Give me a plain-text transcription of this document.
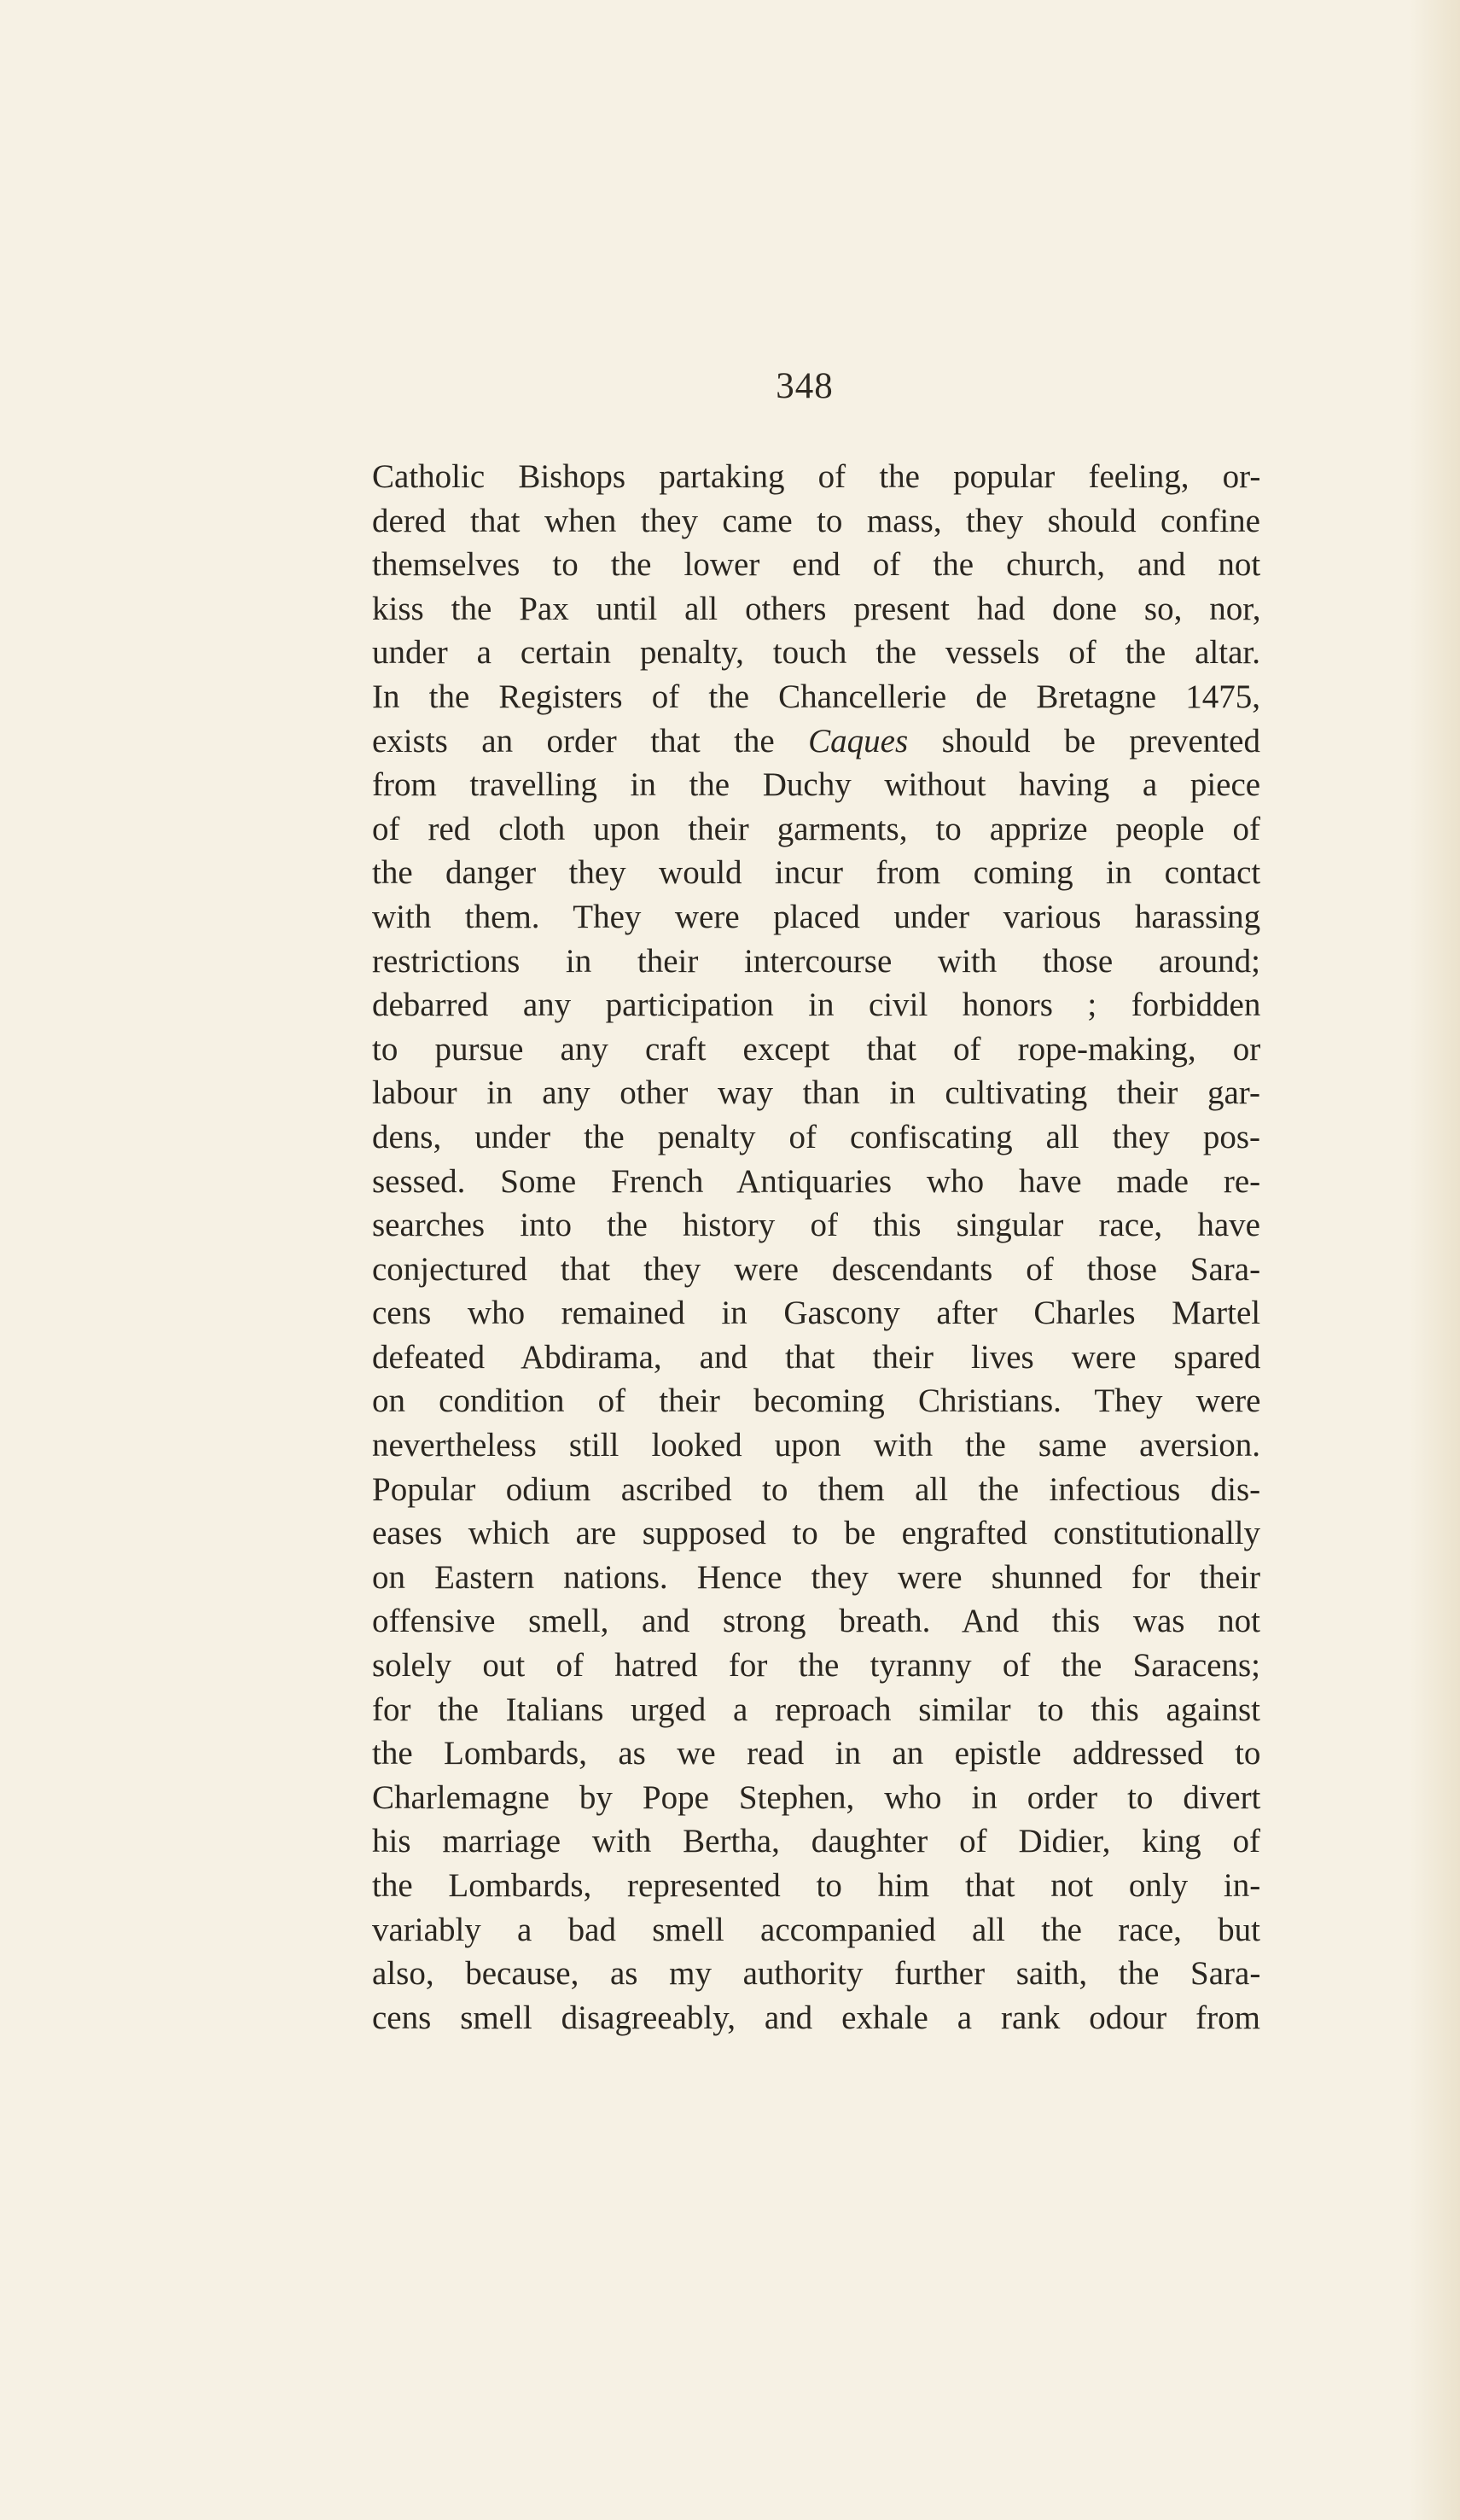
348
Catholic Bishops partaking of the popular feeling, or-
dered that when they came to mass, they should confine
themselves to the lower end of the church, and not
kiss the Pax until all others present had done so, nor,
under a certain penalty, touch the vessels of the altar.
In the Registers of the Chancellerie de Bretagne 1475,
exists an order that the Caques should be prevented
from travelling in the Duchy without having a piece
of red cloth upon their garments, to apprize people of
the danger they would incur from coming in contact
with them. They were placed under various harassing
restrictions in their intercourse with those around;
debarred any participation in civil honors ; forbidden
to pursue any craft except that of rope-making, or
labour in any other way than in cultivating their gar-
dens, under the penalty of confiscating all they pos-
sessed. Some French Antiquaries who have made re-
searches into the history of this singular race, have
conjectured that they were descendants of those Sara-
cens who remained in Gascony after Charles Martel
defeated Abdirama, and that their lives were spared
on condition of their becoming Christians. They were
nevertheless still looked upon with the same aversion.
Popular odium ascribed to them all the infectious dis-
eases which are supposed to be engrafted constitutionally
on Eastern nations. Hence they were shunned for their
offensive smell, and strong breath. And this was not
solely out of hatred for the tyranny of the Saracens;
for the Italians urged a reproach similar to this against
the Lombards, as we read in an epistle addressed to
Charlemagne by Pope Stephen, who in order to divert
his marriage with Bertha, daughter of Didier, king of
the Lombards, represented to him that not only in-
variably a bad smell accompanied all the race, but
also, because, as my authority further saith, the Sara-
cens smell disagreeably, and exhale a rank odour from
